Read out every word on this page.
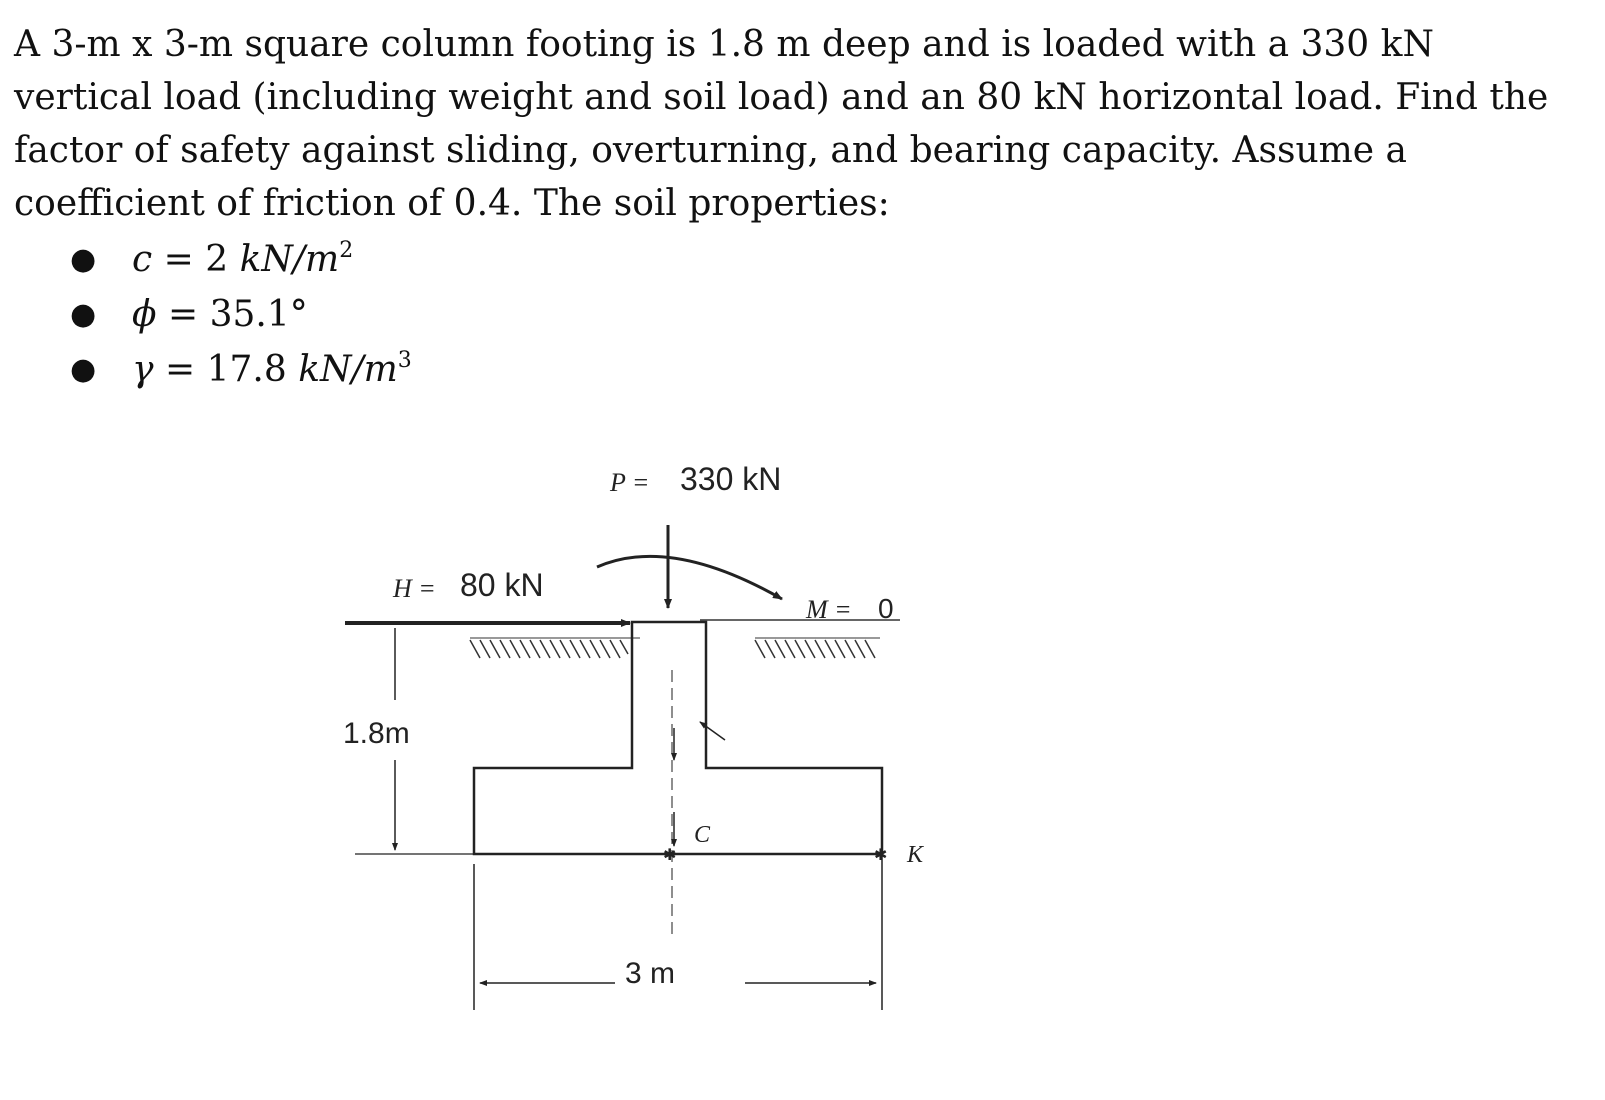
A 3-m x 3-m square column footing is 1.8 m deep and is loaded with a 330 kN vertical load (including weight and soil load) and an 80 kN horizontal load. Find the factor of safety against sliding, overturning, and bearing capacity. Assume a coefficient of friction of 0.4. The soil properties:

● c = 2 $kN/m^2$
● ϕ = 35.1°
● γ = 17.8 $kN/m^3$
✱	✱
P = 330 kN
H = 80 kN
M = 0
1.8m
3 m
C
K
